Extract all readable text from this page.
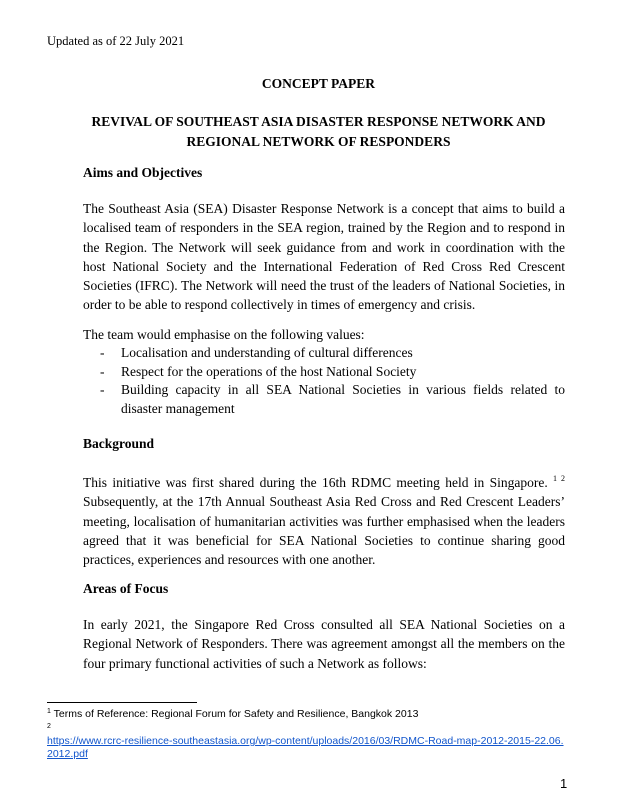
Updated as of 22 July 2021
CONCEPT PAPER
REVIVAL OF SOUTHEAST ASIA DISASTER RESPONSE NETWORK AND
REGIONAL NETWORK OF RESPONDERS
Aims and Objectives

The Southeast Asia (SEA) Disaster Response Network is a concept that aims to build a localised team of responders in the SEA region, trained by the Region and to respond in the Region. The Network will seek guidance from and work in coordination with the host National Society and the International Federation of Red Cross Red Crescent Societies (IFRC). The Network will need the trust of the leaders of National Societies, in order to be able to respond collectively in times of emergency and crisis.

The team would emphasise on the following values:

- Localisation and understanding of cultural differences
- Respect for the operations of the host National Society
- Building capacity in all SEA National Societies in various fields related to disaster management
Background

This initiative was first shared during the 16th RDMC meeting held in Singapore. $^{1 2}$ Subsequently, at the 17th Annual Southeast Asia Red Cross and Red Crescent Leaders’ meeting, localisation of humanitarian activities was further emphasised when the leaders agreed that it was beneficial for SEA National Societies to continue sharing good practices, experiences and resources with one another.

Areas of Focus

In early 2021, the Singapore Red Cross consulted all SEA National Societies on a Regional Network of Responders. There was agreement amongst all the members on the four primary functional activities of such a Network as follows:

$^1$ Terms of Reference: Regional Forum for Safety and Resilience, Bangkok 2013

$^2$

https://www.rcrc-resilience-southeastasia.org/wp-content/uploads/2016/03/RDMC-Road-map-2012-2015-22.06.2012.pdf

1
